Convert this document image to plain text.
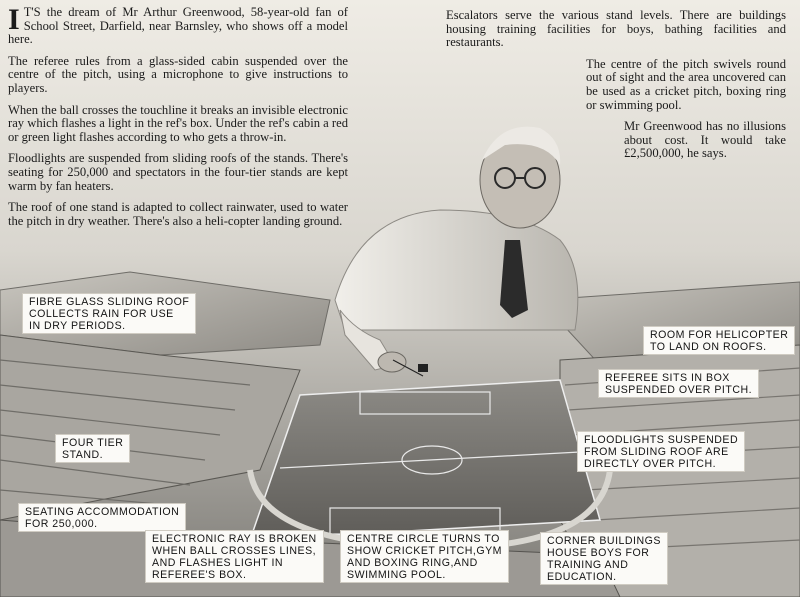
I T'S the dream of Mr Arthur Greenwood, 58-year-old fan of School Street, Darfield, near Barnsley, who shows off a model here.

The referee rules from a glass-sided cabin suspended over the centre of the pitch, using a microphone to give instructions to players.

When the ball crosses the touchline it breaks an invisible electronic ray which flashes a light in the ref's box. Under the ref's cabin a red or green light flashes according to who gets a throw-in.

Floodlights are suspended from sliding roofs of the stands. There's seating for 250,000 and spectators in the four-tier stands are kept warm by fan heaters.

The roof of one stand is adapted to collect rainwater, used to water the pitch in dry weather. There's also a heli-copter landing ground.

Escalators serve the various stand levels. There are buildings housing training facilities for boys, bathing facilities and restaurants.

The centre of the pitch swivels round out of sight and the area uncovered can be used as a cricket pitch, boxing ring or swimming pool.

Mr Greenwood has no illusions about cost. It would take £2,500,000, he says.

FIBRE GLASS SLIDING ROOF
COLLECTS RAIN FOR USE
IN DRY PERIODS.
ROOM FOR HELICOPTER
TO LAND ON ROOFS.
REFEREE SITS IN BOX
SUSPENDED OVER PITCH.
FOUR TIER
STAND.
FLOODLIGHTS SUSPENDED
FROM SLIDING ROOF ARE
DIRECTLY OVER PITCH.
SEATING ACCOMMODATION
FOR 250,000.
ELECTRONIC RAY IS BROKEN
WHEN BALL CROSSES LINES,
AND FLASHES LIGHT IN
REFEREE'S BOX.
CENTRE CIRCLE TURNS TO
SHOW CRICKET PITCH,GYM
AND BOXING RING,AND
SWIMMING POOL.
CORNER BUILDINGS
HOUSE BOYS FOR
TRAINING AND
EDUCATION.
